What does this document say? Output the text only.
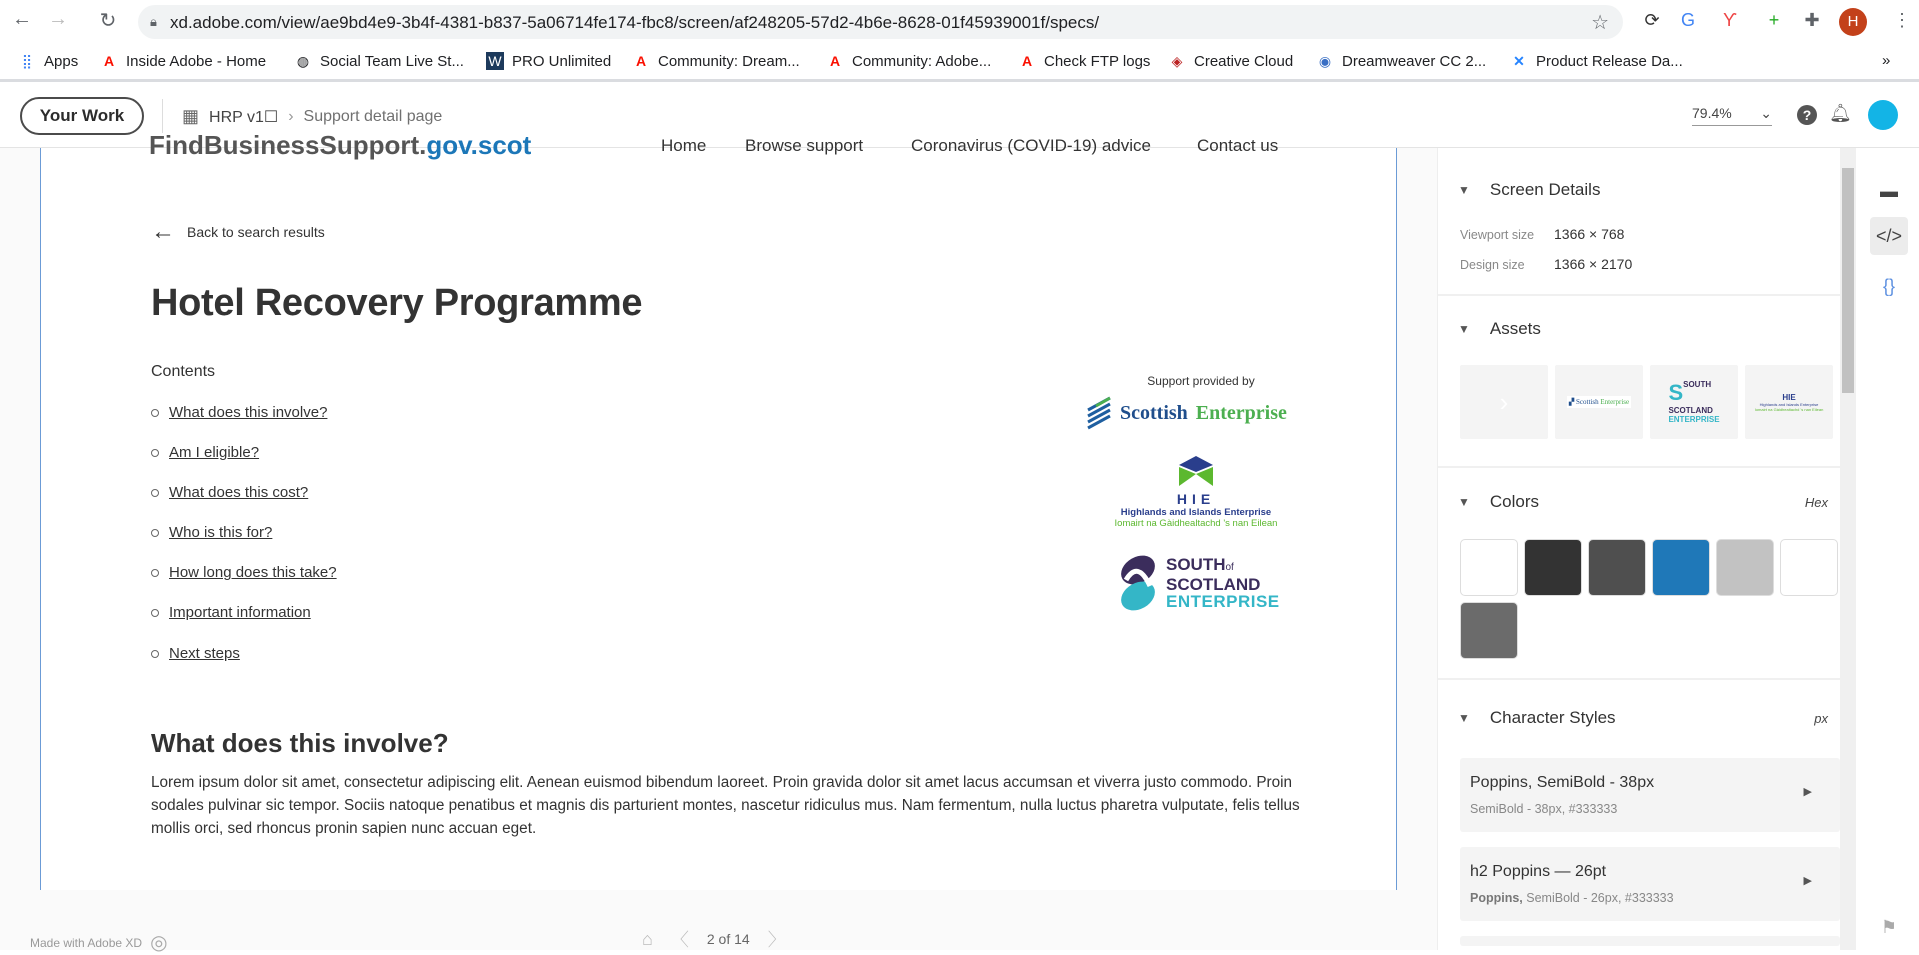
← → ↻	🔒︎ xd.adobe.com/view/ae9bd4e9-3b4f-4381-b837-5a06714fe174-fbc8/screen/af248205-57d2-4b6e-8628-01f45939001f/specs/	☆ ⟳ G ϒ	+	✚	H	⋮
⣿ Apps A Inside Adobe - Home ◍ Social Team Live St... W PRO Unlimited A Community: Dream... A Community: Adobe... A Check FTP logs ◈ Creative Cloud ◉ Dreamweaver CC 2... ✕ Product Release Da...	»
Your Work	▦ HRP v1☐ › Support detail page	79.4% ⌄	? 🔔︎
FindBusinessSupport.gov.scot	Home Browse support	Coronavirus (COVID-19) advice	Contact us
← Back to search results
Hotel Recovery Programme
Contents
What does this involve?
Am I eligible?
What does this cost?
Who is this for?
How long does this take?
Important information
Next steps
Support provided by
Scottish Enterprise
HIE
Highlands and Islands Enterprise
Iomairt na Gàidhealtachd 's nan Eilean
SOUTHof
SCOTLAND
ENTERPRISE
What does this involve?
Lorem ipsum dolor sit amet, consectetur adipiscing elit. Aenean euismod bibendum laoreet. Proin gravida dolor sit amet lacus accumsan et viverra justo commodo. Proin sodales pulvinar sic tempor. Sociis natoque penatibus et magnis dis parturient montes, nascetur ridiculus mus. Nam fermentum, nulla luctus pharetra vulputate, felis tellus mollis orci, sed rhoncus pronin sapien nunc accuan eget.
Made with Adobe XD ◎	⌂ 〈 2 of 14 〉
▼ Screen Details
Viewport size 1366 × 768
Design size 1366 × 2170
▼ Assets
›	▞ Scottish Enterprise SSOUTH
SCOTLAND
ENTERPRISE
HIE
Highlands and Islands Enterprise
Iomairt na Gàidhealtachd 's nan Eilean
▼ Colors	Hex
▼ Character Styles	px
Poppins, SemiBold - 38px
SemiBold - 38px, #333333
▶
h2 Poppins — 26pt
Poppins, SemiBold - 26px, #333333
▶
▬
</>
{}
⚑
